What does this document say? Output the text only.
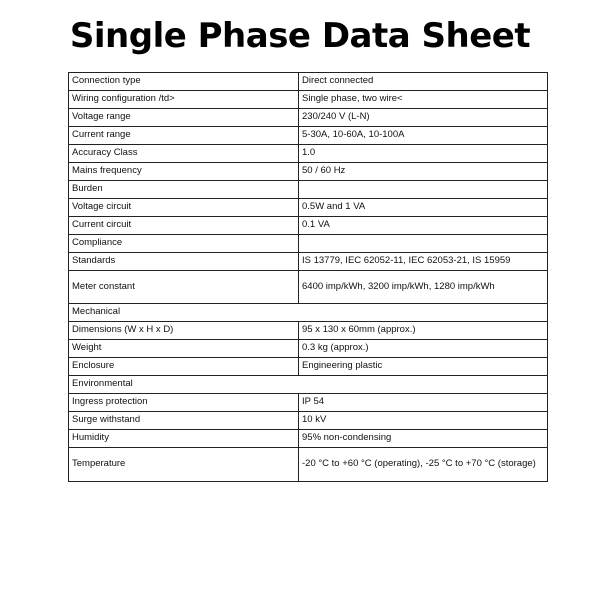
Single Phase Data Sheet
Connection type	Direct connected
Wiring configuration /td>	Single phase, two wire<
Voltage range	230/240 V (L-N)
Current range	5-30A, 10-60A, 10-100A
Accuracy Class	1.0
Mains frequency	50 / 60 Hz
Burden	
Voltage circuit	0.5W and 1 VA
Current circuit	0.1 VA
Compliance	
Standards	IS 13779, IEC 62052-11, IEC 62053-21, IS 15959
Meter constant	6400 imp/kWh, 3200 imp/kWh, 1280 imp/kWh
Mechanical	
Dimensions (W x H x D)	95 x 130 x 60mm (approx.)
Weight	0.3 kg (approx.)
Enclosure	Engineering plastic
Environmental	
Ingress protection	IP 54
Surge withstand	10 kV
Humidity	95% non-condensing
Temperature	-20 °C to +60 °C (operating), -25 °C to +70 °C (storage)
